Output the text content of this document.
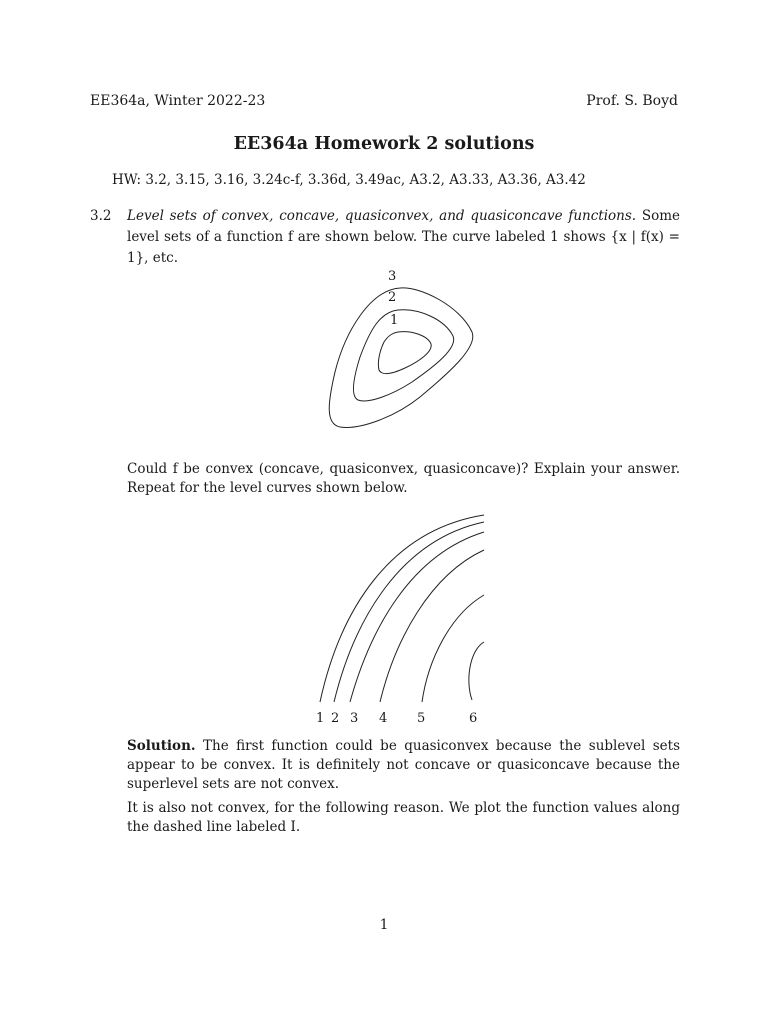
EE364a, Winter 2022-23	Prof. S. Boyd
EE364a Homework 2 solutions
HW: 3.2, 3.15, 3.16, 3.24c-f, 3.36d, 3.49ac, A3.2, A3.33, A3.36, A3.42
3.2 Level sets of convex, concave, quasiconvex, and quasiconcave functions. Some level sets of a function f are shown below. The curve labeled 1 shows {x | f(x) = 1}, etc.
3
2
1
Could f be convex (concave, quasiconvex, quasiconcave)? Explain your answer. Repeat for the level curves shown below.
1 2 3 4 5	6
Solution. The first function could be quasiconvex because the sublevel sets appear to be convex. It is definitely not concave or quasiconcave because the superlevel sets are not convex.
It is also not convex, for the following reason. We plot the function values along the dashed line labeled I.
1
